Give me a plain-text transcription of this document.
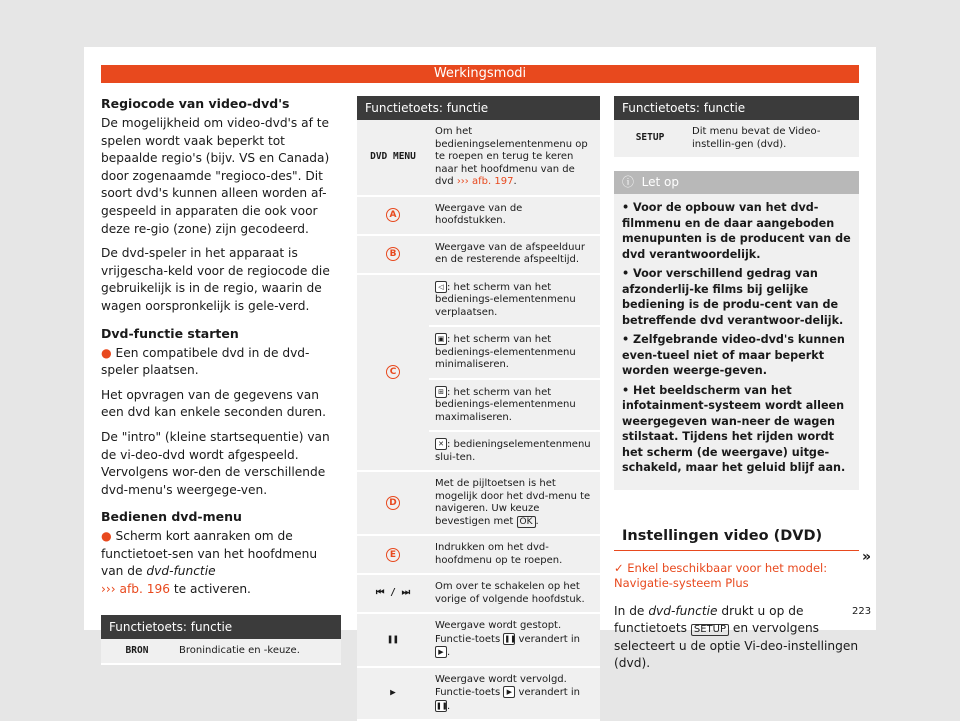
Werkingsmodi
Regiocode van video-dvd's
De mogelijkheid om video-dvd's af te spelen wordt vaak beperkt tot bepaalde regio's (bijv. VS en Canada) door zogenaamde "regioco-des". Dit soort dvd's kunnen alleen worden af-gespeeld in apparaten die ook voor deze re-gio (zone) zijn gecodeerd.
De dvd-speler in het apparaat is vrijgescha-keld voor de regiocode die gebruikelijk is in de regio, waarin de wagen oorspronkelijk is gele-verd.
Dvd-functie starten
● Een compatibele dvd in de dvd-speler plaatsen.
Het opvragen van de gegevens van een dvd kan enkele seconden duren.
De "intro" (kleine startsequentie) van de vi-deo-dvd wordt afgespeeld. Vervolgens wor-den de verschillende dvd-menu's weergege-ven.
Bedienen dvd-menu
● Scherm kort aanraken om de functietoet-sen van het hoofdmenu van de dvd-functie
››› afb. 196 te activeren.
Functietoets: functie
BRON	Bronindicatie en -keuze.
Functietoets: functie	
DVD MENU	Om het bedieningselementenmenu op te roepen en terug te keren naar het hoofdmenu van de dvd ››› afb. 197.
A	Weergave van de hoofdstukken.
B	Weergave van de afspeelduur en de resterende afspeeltijd.
C	◁ : het scherm van het bedienings-elementenmenu verplaatsen.
	▣ : het scherm van het bedienings-elementenmenu minimaliseren.
	⊞ : het scherm van het bedienings-elementenmenu maximaliseren.
	✕ : bedieningselementenmenu slui-ten.
D	Met de pijltoetsen is het mogelijk door het dvd-menu te navigeren. Uw keuze bevestigen met OK .
E	Indrukken om het dvd-hoofdmenu op te roepen.
⏮ / ⏭	Om over te schakelen op het vorige of volgende hoofdstuk.
❚❚	Weergave wordt gestopt. Functie-toets ❚❚ verandert in ▶ .
▶	Weergave wordt vervolgd. Functie-toets ▶ verandert in ❚❚.
Functietoets: functie
SETUP	Dit menu bevat de Video-instellin-gen (dvd).
ⓘ Let op
• Voor de opbouw van het dvd-filmmenu en de daar aangeboden menupunten is de producent van de dvd verantwoordelijk.
• Voor verschillend gedrag van afzonderlij-ke films bij gelijke bediening is de produ-cent van de betreffende dvd verantwoor-delijk.
• Zelfgebrande video-dvd's kunnen even-tueel niet of maar beperkt worden weerge-geven.
• Het beeldscherm van het infotainment-systeem wordt alleen weergegeven wan-neer de wagen stilstaat. Tijdens het rijden wordt het scherm (de weergave) uitge-schakeld, maar het geluid blijf aan.
Instellingen video (DVD)
✓ Enkel beschikbaar voor het model: Navigatie-systeem Plus
In de dvd-functie drukt u op de functietoets SETUP en vervolgens selecteert u de optie Vi-deo-instellingen (dvd).
»
223
